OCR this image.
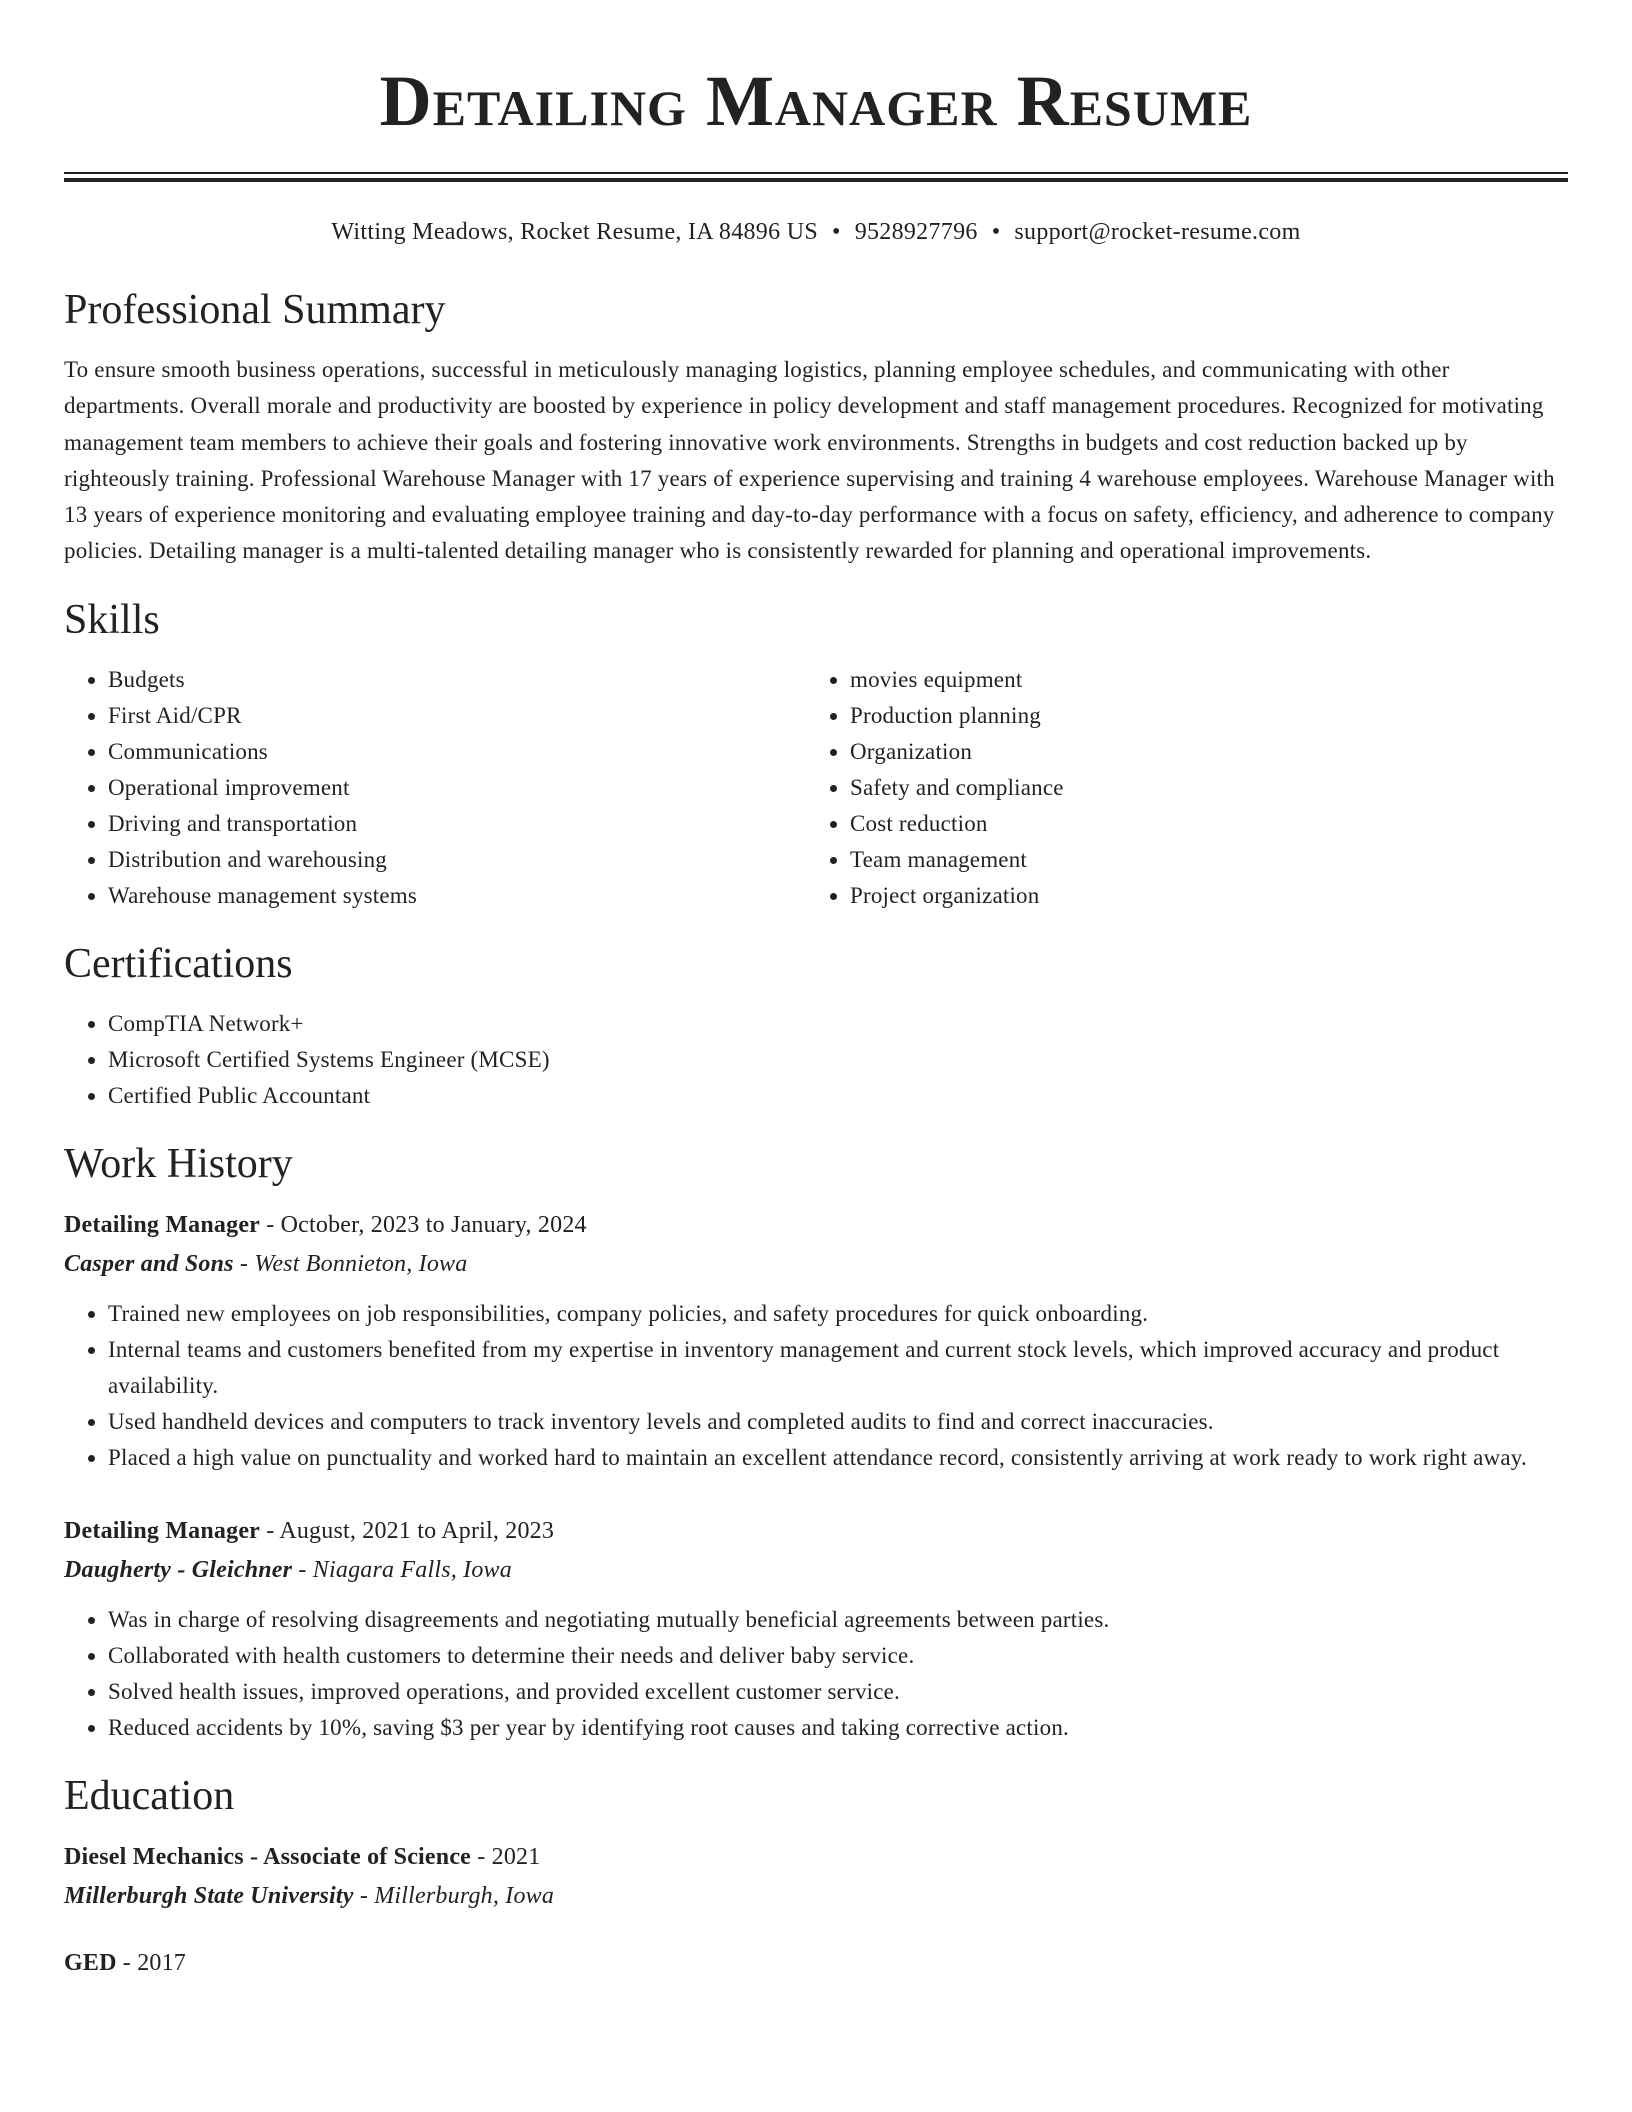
Detailing Manager Resume
Witting Meadows, Rocket Resume, IA 84896 US • 9528927796 • support@rocket-resume.com
Professional Summary

To ensure smooth business operations, successful in meticulously managing logistics, planning employee schedules, and communicating with other departments. Overall morale and productivity are boosted by experience in policy development and staff management procedures. Recognized for motivating management team members to achieve their goals and fostering innovative work environments. Strengths in budgets and cost reduction backed up by righteously training. Professional Warehouse Manager with 17 years of experience supervising and training 4 warehouse employees. Warehouse Manager with 13 years of experience monitoring and evaluating employee training and day-to-day performance with a focus on safety, efficiency, and adherence to company policies. Detailing manager is a multi-talented detailing manager who is consistently rewarded for planning and operational improvements.

Skills
• Budgets
• First Aid/CPR
• Communications
• Operational improvement
• Driving and transportation
• Distribution and warehousing
• Warehouse management systems
• movies equipment
• Production planning
• Organization
• Safety and compliance
• Cost reduction
• Team management
• Project organization
Certifications
• CompTIA Network+
• Microsoft Certified Systems Engineer (MCSE)
• Certified Public Accountant
Work History
Detailing Manager - October, 2023 to January, 2024
Casper and Sons - West Bonnieton, Iowa
• Trained new employees on job responsibilities, company policies, and safety procedures for quick onboarding.
• Internal teams and customers benefited from my expertise in inventory management and current stock levels, which improved accuracy and product availability.
• Used handheld devices and computers to track inventory levels and completed audits to find and correct inaccuracies.
• Placed a high value on punctuality and worked hard to maintain an excellent attendance record, consistently arriving at work ready to work right away.
Detailing Manager - August, 2021 to April, 2023
Daugherty - Gleichner - Niagara Falls, Iowa
• Was in charge of resolving disagreements and negotiating mutually beneficial agreements between parties.
• Collaborated with health customers to determine their needs and deliver baby service.
• Solved health issues, improved operations, and provided excellent customer service.
• Reduced accidents by 10%, saving $3 per year by identifying root causes and taking corrective action.
Education
Diesel Mechanics - Associate of Science - 2021
Millerburgh State University - Millerburgh, Iowa
GED - 2017
